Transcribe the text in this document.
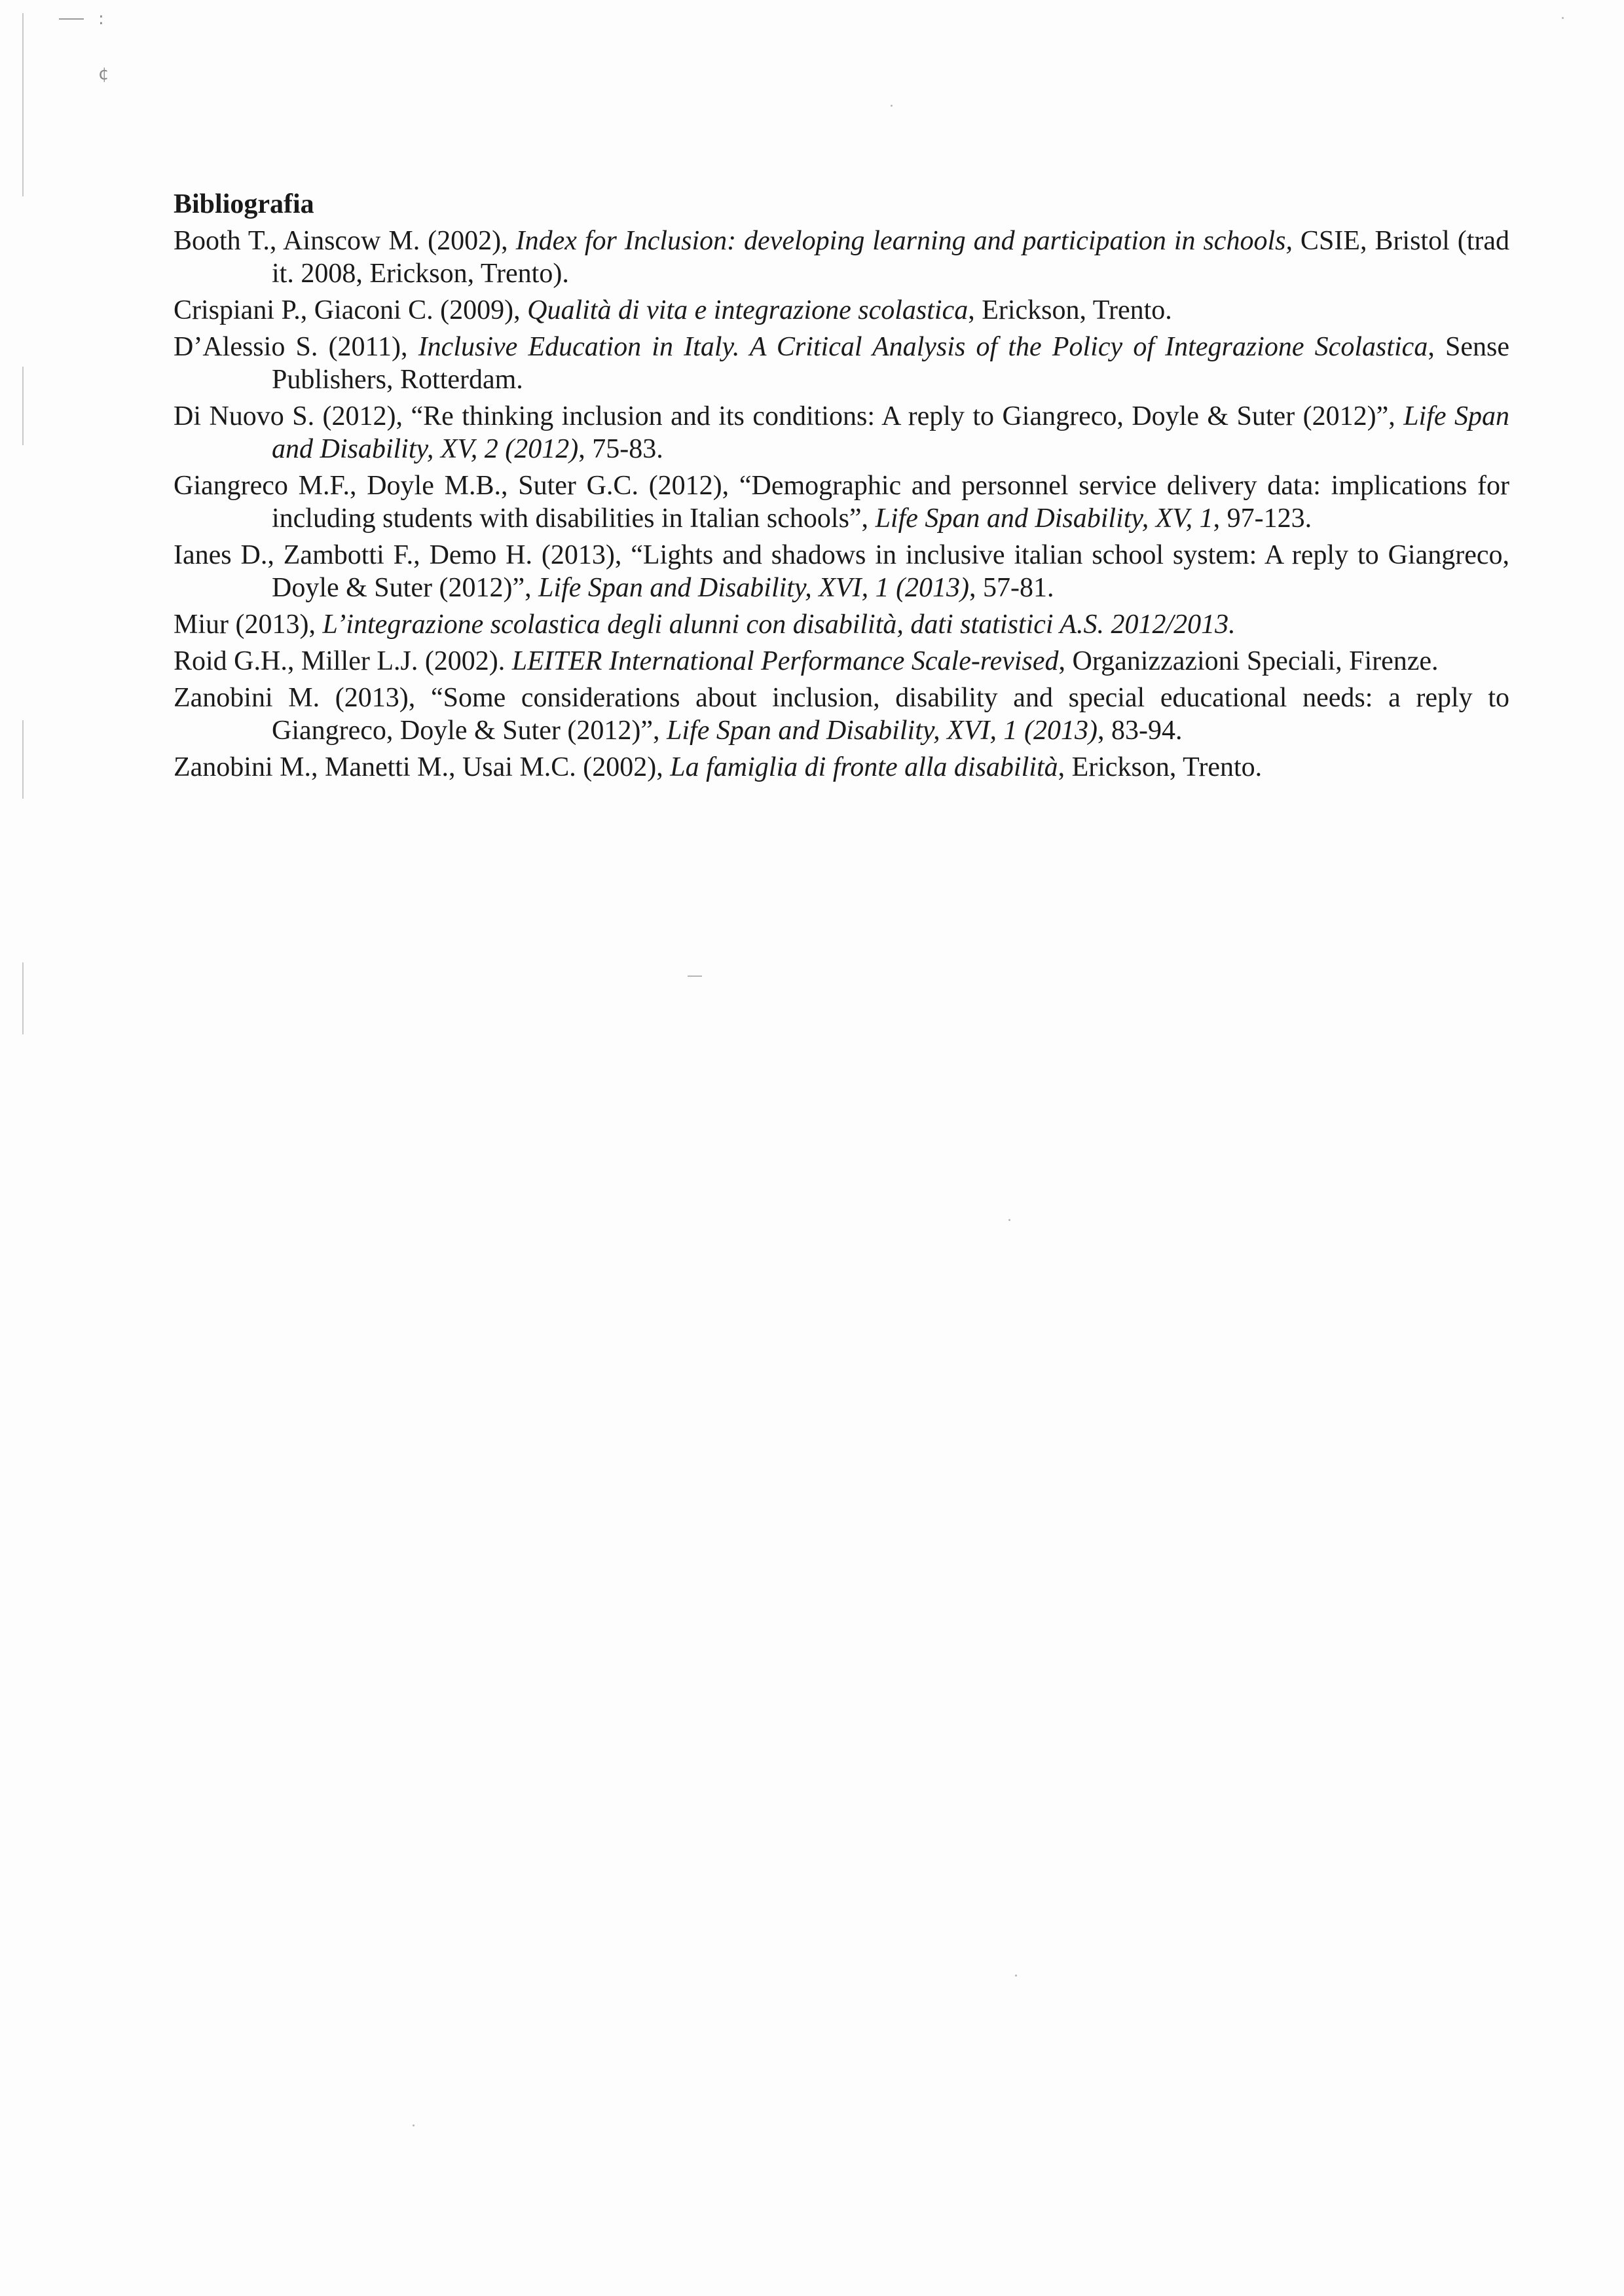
:
¢
Bibliografia
Booth T., Ainscow M. (2002), Index for Inclusion: developing learning and participation in schools, CSIE, Bristol (trad it. 2008, Erickson, Trento).
Crispiani P., Giaconi C. (2009), Qualità di vita e integrazione scolastica, Erickson, Trento.
D’Alessio S. (2011), Inclusive Education in Italy. A Critical Analysis of the Policy of Integrazione Scolastica, Sense Publishers, Rotterdam.
Di Nuovo S. (2012), “Re thinking inclusion and its conditions: A reply to Giangreco, Doyle & Suter (2012)”, Life Span and Disability, XV, 2 (2012), 75-83.
Giangreco M.F., Doyle M.B., Suter G.C. (2012), “Demographic and personnel service delivery data: implications for including students with disabilities in Italian schools”, Life Span and Disability, XV, 1, 97-123.
Ianes D., Zambotti F., Demo H. (2013), “Lights and shadows in inclusive italian school system: A reply to Giangreco, Doyle & Suter (2012)”, Life Span and Disability, XVI, 1 (2013), 57-81.
Miur (2013), L’integrazione scolastica degli alunni con disabilità, dati statistici A.S. 2012/2013.
Roid G.H., Miller L.J. (2002). LEITER International Performance Scale-revised, Organizzazioni Speciali, Firenze.
Zanobini M. (2013), “Some considerations about inclusion, disability and special educational needs: a reply to Giangreco, Doyle & Suter (2012)”, Life Span and Disability, XVI, 1 (2013), 83-94.
Zanobini M., Manetti M., Usai M.C. (2002), La famiglia di fronte alla disabilità, Erickson, Trento.
